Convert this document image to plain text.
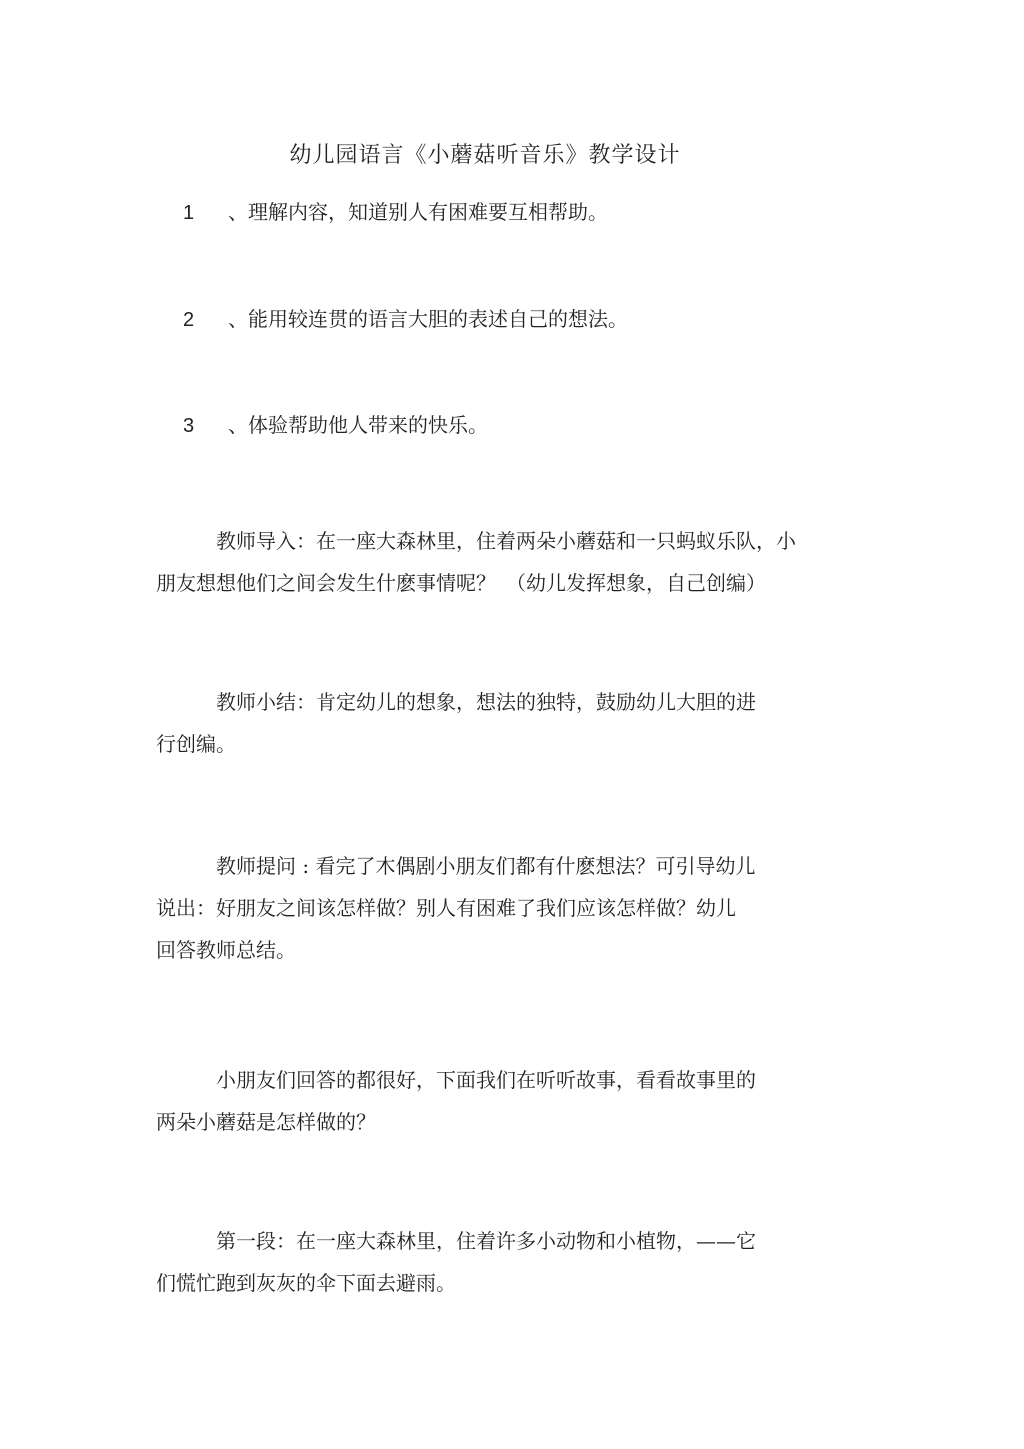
幼儿园语言《小蘑菇听音乐》教学设计
1	、理解内容，知道别人有困难要互相帮助。
2	、能用较连贯的语言大胆的表述自己的想法。
3	、体验帮助他人带来的快乐。
教师导入：在一座大森林里，住着两朵小蘑菇和一只蚂蚁乐队，小
朋友想想他们之间会发生什麽事情呢？　（幼儿发挥想象，自己创编）
教师小结：肯定幼儿的想象，想法的独特，鼓励幼儿大胆的进
行创编。
教师提问 : 看完了木偶剧小朋友们都有什麽想法？可引导幼儿
说出：好朋友之间该怎样做？别人有困难了我们应该怎样做？幼儿
回答教师总结。
小朋友们回答的都很好，下面我们在听听故事，看看故事里的
两朵小蘑菇是怎样做的？
第一段：在一座大森林里，住着许多小动物和小植物，——它
们慌忙跑到灰灰的伞下面去避雨。
